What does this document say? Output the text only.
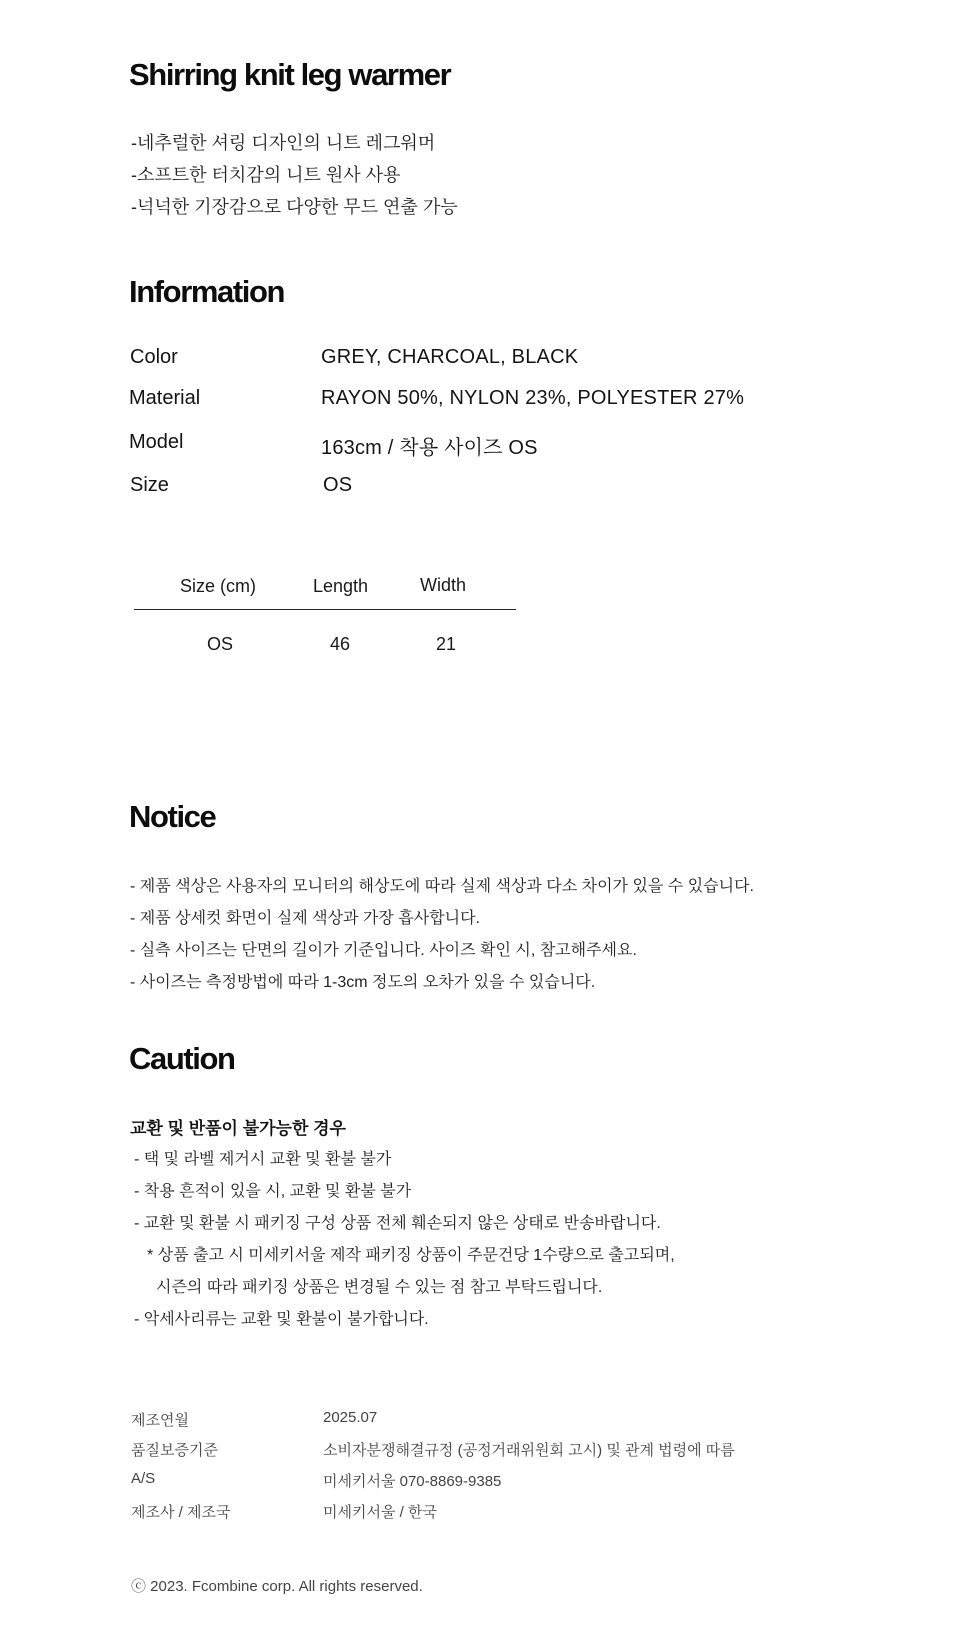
Shirring knit leg warmer
-네추럴한 셔링 디자인의 니트 레그워머
-소프트한 터치감의 니트 원사 사용
-넉넉한 기장감으로 다양한 무드 연출 가능
Information
Color	GREY, CHARCOAL, BLACK
Material	RAYON 50%, NYLON 23%, POLYESTER 27%
Model	163cm / 착용 사이즈 OS
Size	OS
Size (cm)	Length	Width
OS	46	21
Notice
- 제품 색상은 사용자의 모니터의 해상도에 따라 실제 색상과 다소 차이가 있을 수 있습니다.
- 제품 상세컷 화면이 실제 색상과 가장 흡사합니다.
- 실측 사이즈는 단면의 길이가 기준입니다. 사이즈 확인 시, 참고해주세요.
- 사이즈는 측정방법에 따라 1-3cm 정도의 오차가 있을 수 있습니다.
Caution
교환 및 반품이 불가능한 경우
- 택 및 라벨 제거시 교환 및 환불 불가
- 착용 흔적이 있을 시, 교환 및 환불 불가
- 교환 및 환불 시 패키징 구성 상품 전체 훼손되지 않은 상태로 반송바랍니다.
* 상품 출고 시 미세키서울 제작 패키징 상품이 주문건당 1수량으로 출고되며,
시즌의 따라 패키징 상품은 변경될 수 있는 점 참고 부탁드립니다.
- 악세사리류는 교환 및 환불이 불가합니다.
제조연월	2025.07
품질보증기준	소비자분쟁해결규정 (공정거래위원회 고시) 및 관계 법령에 따름
A/S	미세키서울 070-8869-9385
제조사 / 제조국	미세키서울 / 한국
ⓒ 2023. Fcombine corp. All rights reserved.
